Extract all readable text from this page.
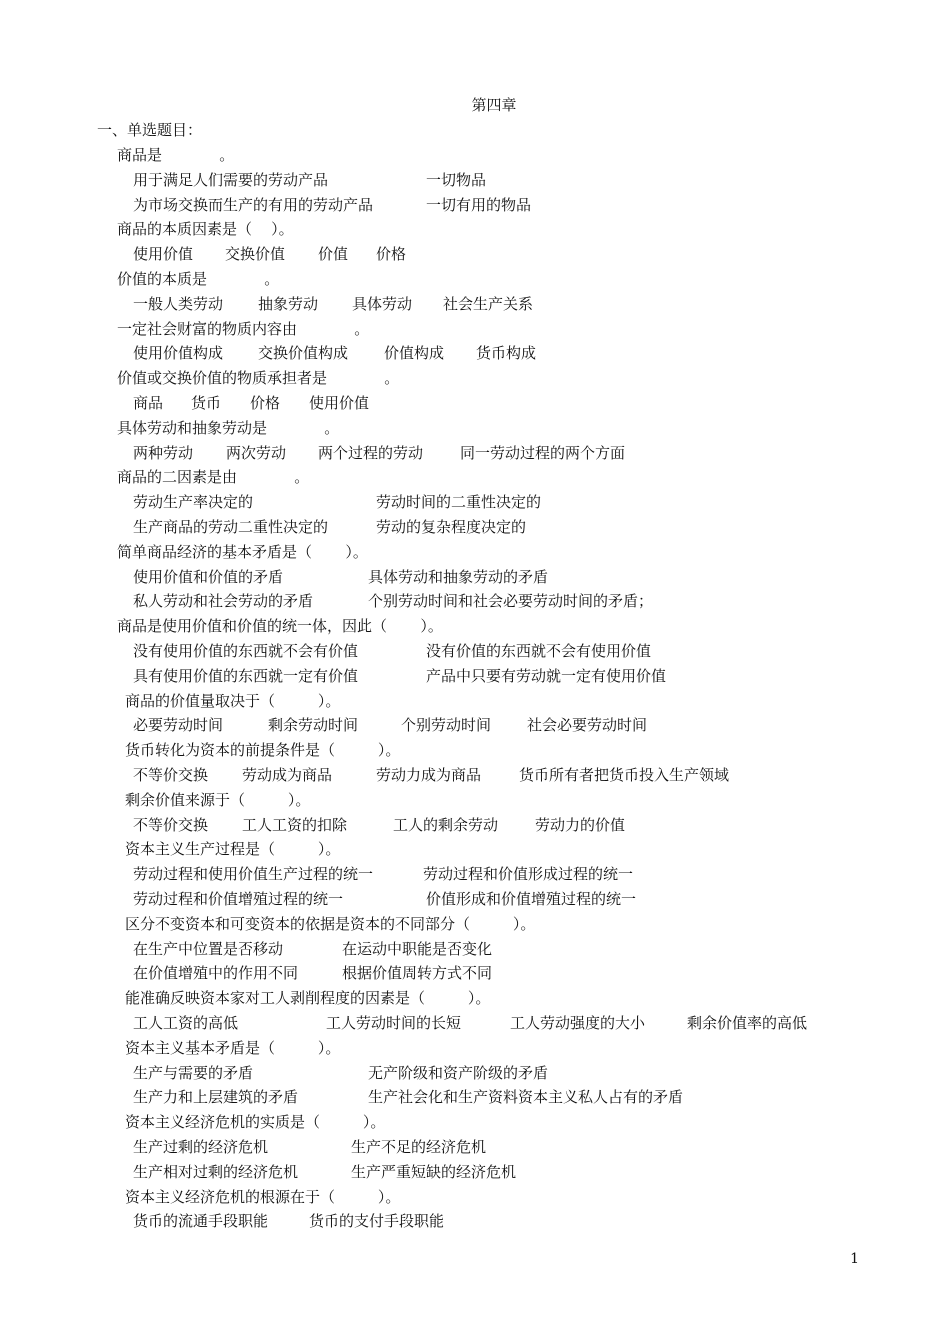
第四章
一、单选题目：
商品是            。
用于满足人们需要的劳动产品	一切物品
为市场交换而生产的有用的劳动产品	一切有用的物品
商品的本质因素是（    ）。
使用价值 交换价值 价值 价格
价值的本质是            。
一般人类劳动 抽象劳动 具体劳动 社会生产关系
一定社会财富的物质内容由            。
使用价值构成 交换价值构成 价值构成 货币构成
价值或交换价值的物质承担者是            。
商品 货币 价格 使用价值
具体劳动和抽象劳动是            。
两种劳动 两次劳动 两个过程的劳动 同一劳动过程的两个方面
商品的二因素是由            。
劳动生产率决定的	劳动时间的二重性决定的
生产商品的劳动二重性决定的	劳动的复杂程度决定的
简单商品经济的基本矛盾是（       ）。
使用价值和价值的矛盾	具体劳动和抽象劳动的矛盾
私人劳动和社会劳动的矛盾	个别劳动时间和社会必要劳动时间的矛盾；
商品是使用价值和价值的统一体，因此（       ）。
没有使用价值的东西就不会有价值	没有价值的东西就不会有使用价值
具有使用价值的东西就一定有价值	产品中只要有劳动就一定有使用价值
商品的价值量取决于（         ）。
必要劳动时间	剩余劳动时间	个别劳动时间 社会必要劳动时间
货币转化为资本的前提条件是（         ）。
不等价交换 劳动成为商品	劳动力成为商品	货币所有者把货币投入生产领域
剩余价值来源于（         ）。
不等价交换 工人工资的扣除	工人的剩余劳动 劳动力的价值
资本主义生产过程是（         ）。
劳动过程和使用价值生产过程的统一	劳动过程和价值形成过程的统一
劳动过程和价值增殖过程的统一	价值形成和价值增殖过程的统一
区分不变资本和可变资本的依据是资本的不同部分（         ）。
在生产中位置是否移动	在运动中职能是否变化
在价值增殖中的作用不同	根据价值周转方式不同
能准确反映资本家对工人剥削程度的因素是（         ）。
工人工资的高低	工人劳动时间的长短	工人劳动强度的大小	剩余价值率的高低
资本主义基本矛盾是（         ）。
生产与需要的矛盾	无产阶级和资产阶级的矛盾
生产力和上层建筑的矛盾	生产社会化和生产资料资本主义私人占有的矛盾
资本主义经济危机的实质是（         ）。
生产过剩的经济危机	生产不足的经济危机
生产相对过剩的经济危机	生产严重短缺的经济危机
资本主义经济危机的根源在于（         ）。
货币的流通手段职能	货币的支付手段职能
1
